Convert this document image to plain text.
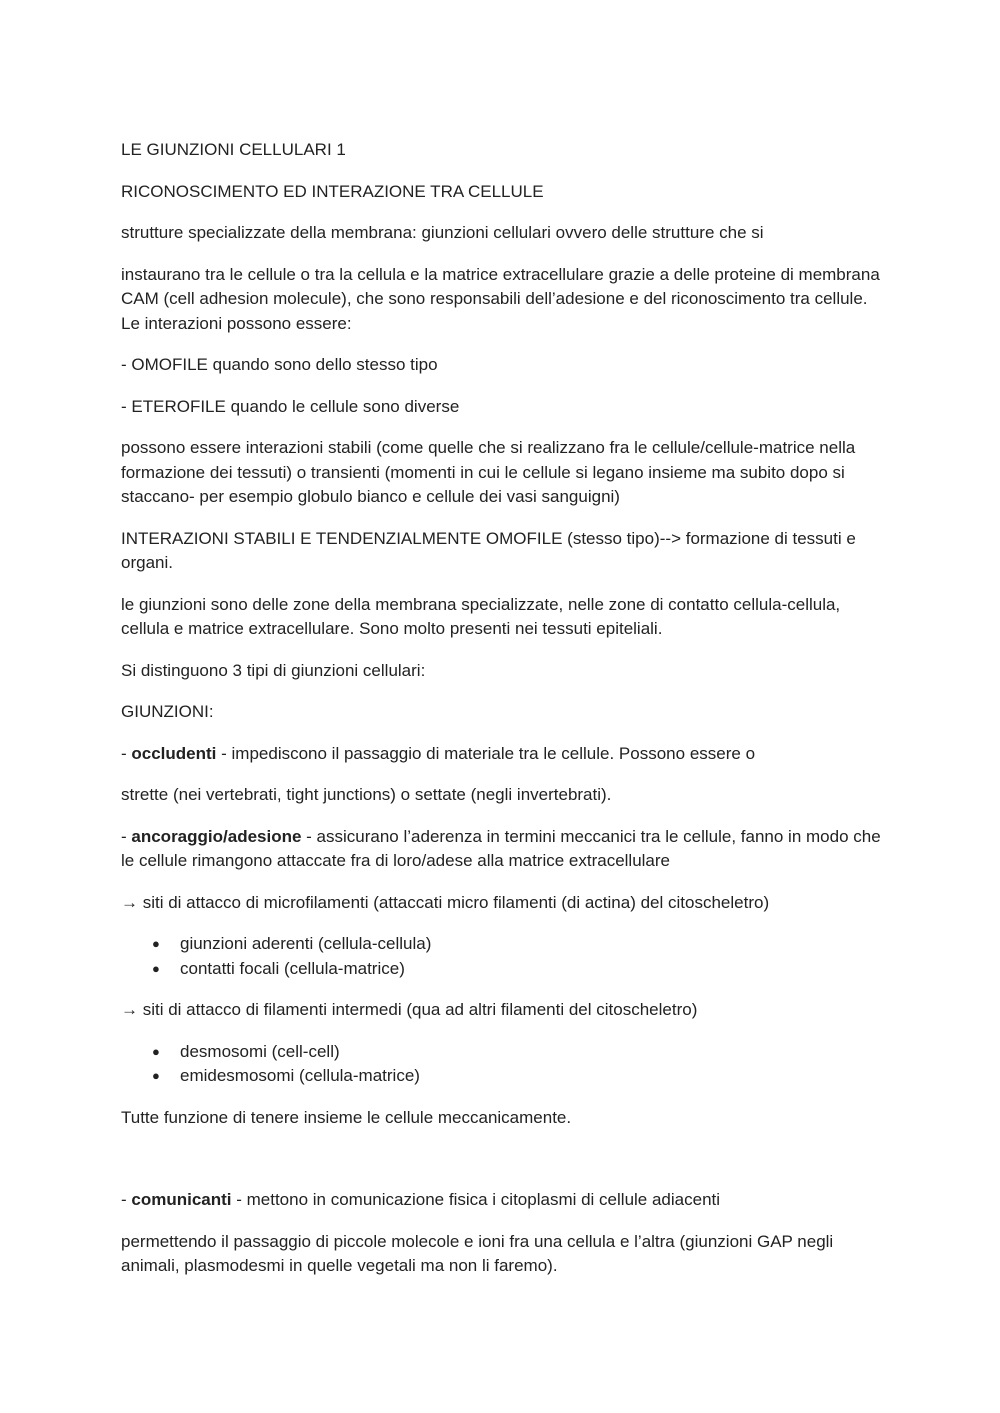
LE GIUNZIONI CELLULARI 1

RICONOSCIMENTO ED INTERAZIONE TRA CELLULE

strutture specializzate della membrana: giunzioni cellulari ovvero delle strutture che si

instaurano tra le cellule o tra la cellula e la matrice extracellulare grazie a delle proteine di membrana CAM (cell adhesion molecule), che sono responsabili dell’adesione e del riconoscimento tra cellule. Le interazioni possono essere:

- OMOFILE quando sono dello stesso tipo

- ETEROFILE quando le cellule sono diverse

possono essere interazioni stabili (come quelle che si realizzano fra le cellule/cellule-matrice nella formazione dei tessuti) o transienti (momenti in cui le cellule si legano insieme ma subito dopo si staccano- per esempio globulo bianco e cellule dei vasi sanguigni)

INTERAZIONI STABILI E TENDENZIALMENTE OMOFILE (stesso tipo)--> formazione di tessuti e organi.

le giunzioni sono delle zone della membrana specializzate, nelle zone di contatto cellula-cellula, cellula e matrice extracellulare. Sono molto presenti nei tessuti epiteliali.

Si distinguono 3 tipi di giunzioni cellulari:

GIUNZIONI:

- occludenti - impediscono il passaggio di materiale tra le cellule. Possono essere o

strette (nei vertebrati, tight junctions) o settate (negli invertebrati).

- ancoraggio/adesione - assicurano l’aderenza in termini meccanici tra le cellule, fanno in modo che le cellule rimangono attaccate fra di loro/adese alla matrice extracellulare

→ siti di attacco di microfilamenti (attaccati micro filamenti (di actina) del citoscheletro)

● giunzioni aderenti (cellula-cellula)
● contatti focali (cellula-matrice)

→ siti di attacco di filamenti intermedi (qua ad altri filamenti del citoscheletro)

● desmosomi (cell-cell)
● emidesmosomi (cellula-matrice)

Tutte funzione di tenere insieme le cellule meccanicamente.

- comunicanti - mettono in comunicazione fisica i citoplasmi di cellule adiacenti

permettendo il passaggio di piccole molecole e ioni fra una cellula e l’altra (giunzioni GAP negli animali, plasmodesmi in quelle vegetali ma non li faremo).
